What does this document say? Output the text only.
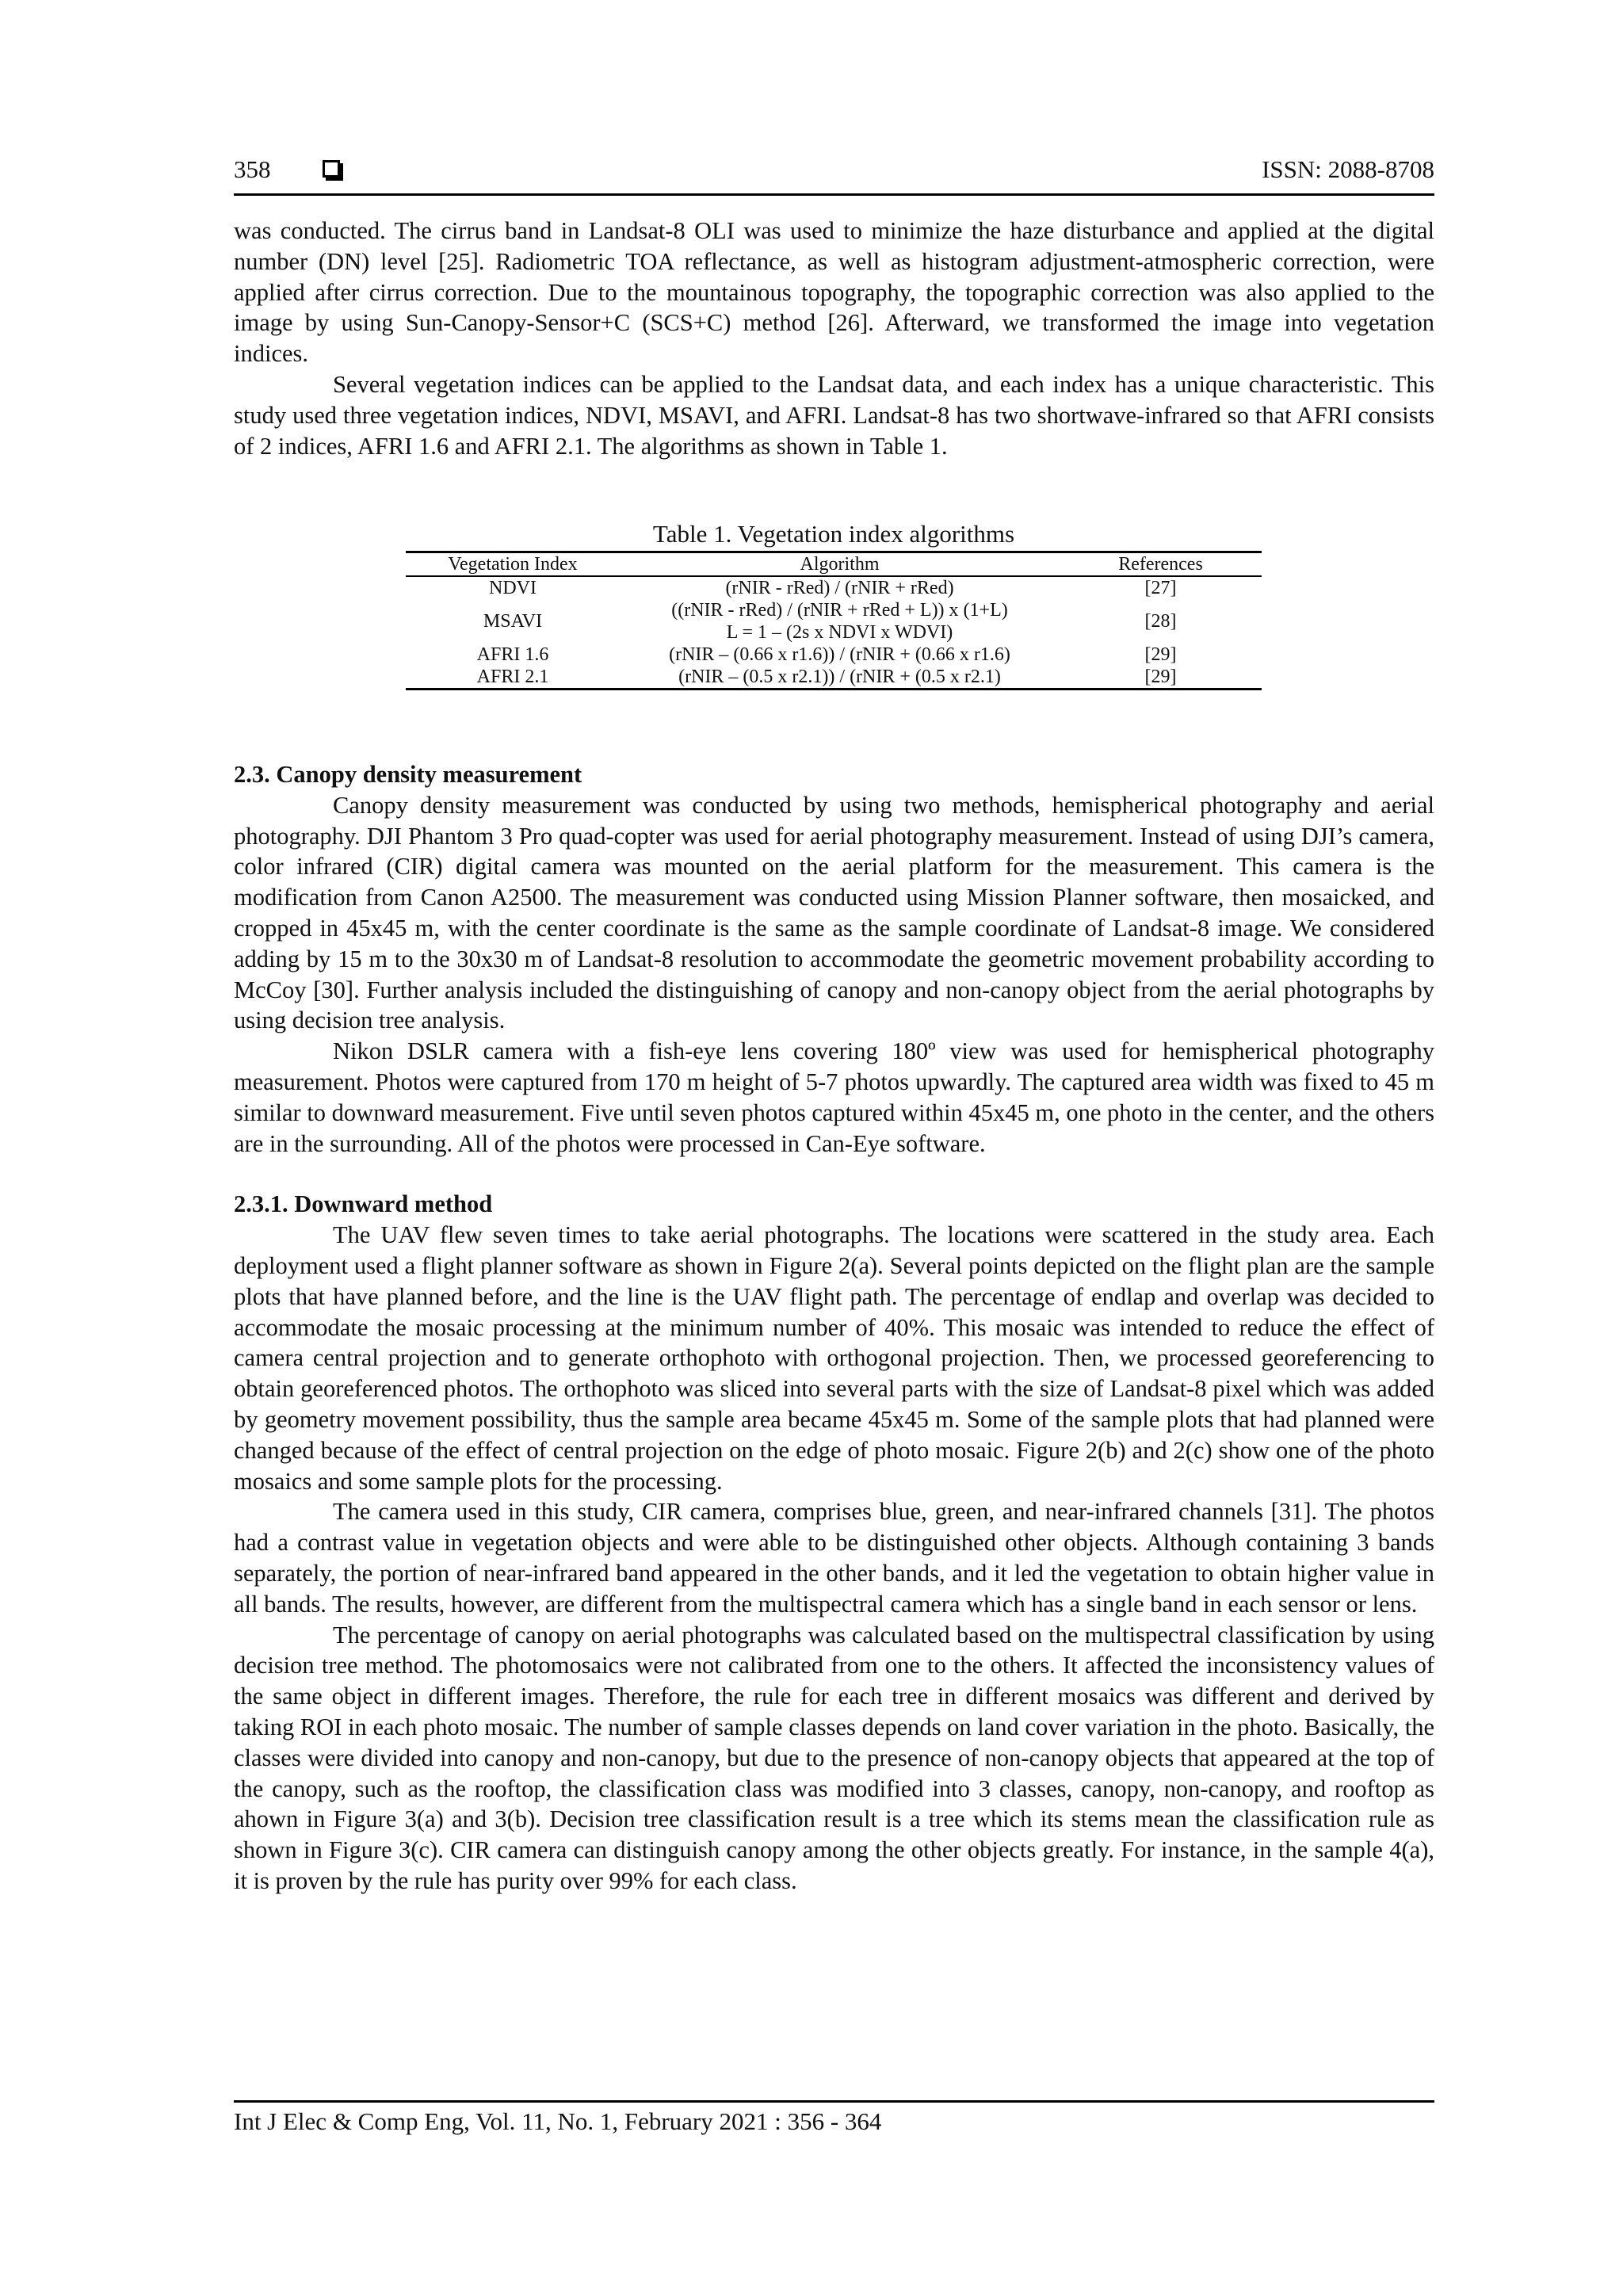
358	ISSN: 2088-8708

was conducted. The cirrus band in Landsat-8 OLI was used to minimize the haze disturbance and applied at the digital number (DN) level [25]. Radiometric TOA reflectance, as well as histogram adjustment-atmospheric correction, were applied after cirrus correction. Due to the mountainous topography, the topographic correction was also applied to the image by using Sun-Canopy-Sensor+C (SCS+C) method [26]. Afterward, we transformed the image into vegetation indices.

Several vegetation indices can be applied to the Landsat data, and each index has a unique characteristic. This study used three vegetation indices, NDVI, MSAVI, and AFRI. Landsat-8 has two shortwave-infrared so that AFRI consists of 2 indices, AFRI 1.6 and AFRI 2.1. The algorithms as shown in Table 1.

Table 1. Vegetation index algorithms
Vegetation Index	Algorithm	References
NDVI	(rNIR - rRed) / (rNIR + rRed)	[27]
MSAVI	((rNIR - rRed) / (rNIR + rRed + L)) x (1+L)
L = 1 – (2s x NDVI x WDVI)	[28]
AFRI 1.6	(rNIR – (0.66 x r1.6)) / (rNIR + (0.66 x r1.6)	[29]
AFRI 2.1	(rNIR – (0.5 x r2.1)) / (rNIR + (0.5 x r2.1)	[29]

2.3. Canopy density measurement

Canopy density measurement was conducted by using two methods, hemispherical photography and aerial photography. DJI Phantom 3 Pro quad-copter was used for aerial photography measurement. Instead of using DJI’s camera, color infrared (CIR) digital camera was mounted on the aerial platform for the measurement. This camera is the modification from Canon A2500. The measurement was conducted using Mission Planner software, then mosaicked, and cropped in 45x45 m, with the center coordinate is the same as the sample coordinate of Landsat-8 image. We considered adding by 15 m to the 30x30 m of Landsat-8 resolution to accommodate the geometric movement probability according to McCoy [30]. Further analysis included the distinguishing of canopy and non-canopy object from the aerial photographs by using decision tree analysis.

Nikon DSLR camera with a fish-eye lens covering 180º view was used for hemispherical photography measurement. Photos were captured from 170 m height of 5-7 photos upwardly. The captured area width was fixed to 45 m similar to downward measurement. Five until seven photos captured within 45x45 m, one photo in the center, and the others are in the surrounding. All of the photos were processed in Can-Eye software.

2.3.1. Downward method

The UAV flew seven times to take aerial photographs. The locations were scattered in the study area. Each deployment used a flight planner software as shown in Figure 2(a). Several points depicted on the flight plan are the sample plots that have planned before, and the line is the UAV flight path. The percentage of endlap and overlap was decided to accommodate the mosaic processing at the minimum number of 40%. This mosaic was intended to reduce the effect of camera central projection and to generate orthophoto with orthogonal projection. Then, we processed georeferencing to obtain georeferenced photos. The orthophoto was sliced into several parts with the size of Landsat-8 pixel which was added by geometry movement possibility, thus the sample area became 45x45 m. Some of the sample plots that had planned were changed because of the effect of central projection on the edge of photo mosaic. Figure 2(b) and 2(c) show one of the photo mosaics and some sample plots for the processing.

The camera used in this study, CIR camera, comprises blue, green, and near-infrared channels [31]. The photos had a contrast value in vegetation objects and were able to be distinguished other objects. Although containing 3 bands separately, the portion of near-infrared band appeared in the other bands, and it led the vegetation to obtain higher value in all bands. The results, however, are different from the multispectral camera which has a single band in each sensor or lens.

The percentage of canopy on aerial photographs was calculated based on the multispectral classification by using decision tree method. The photomosaics were not calibrated from one to the others. It affected the inconsistency values of the same object in different images. Therefore, the rule for each tree in different mosaics was different and derived by taking ROI in each photo mosaic. The number of sample classes depends on land cover variation in the photo. Basically, the classes were divided into canopy and non-canopy, but due to the presence of non-canopy objects that appeared at the top of the canopy, such as the rooftop, the classification class was modified into 3 classes, canopy, non-canopy, and rooftop as ahown in Figure 3(a) and 3(b). Decision tree classification result is a tree which its stems mean the classification rule as shown in Figure 3(c). CIR camera can distinguish canopy among the other objects greatly. For instance, in the sample 4(a), it is proven by the rule has purity over 99% for each class.

Int J Elec & Comp Eng, Vol. 11, No. 1, February 2021 : 356 - 364
